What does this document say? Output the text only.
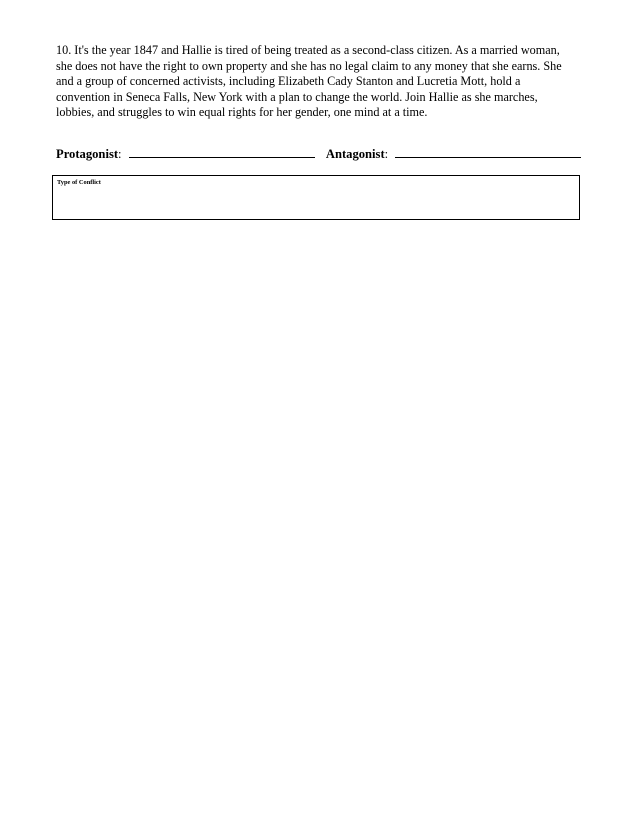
10. It's the year 1847 and Hallie is tired of being treated as a second-class citizen. As a married woman,
she does not have the right to own property and she has no legal claim to any money that she earns. She
and a group of concerned activists, including Elizabeth Cady Stanton and Lucretia Mott, hold a
convention in Seneca Falls, New York with a plan to change the world. Join Hallie as she marches,
lobbies, and struggles to win equal rights for her gender, one mind at a time.

Protagonist:	Antagonist:
Type of Conflict
